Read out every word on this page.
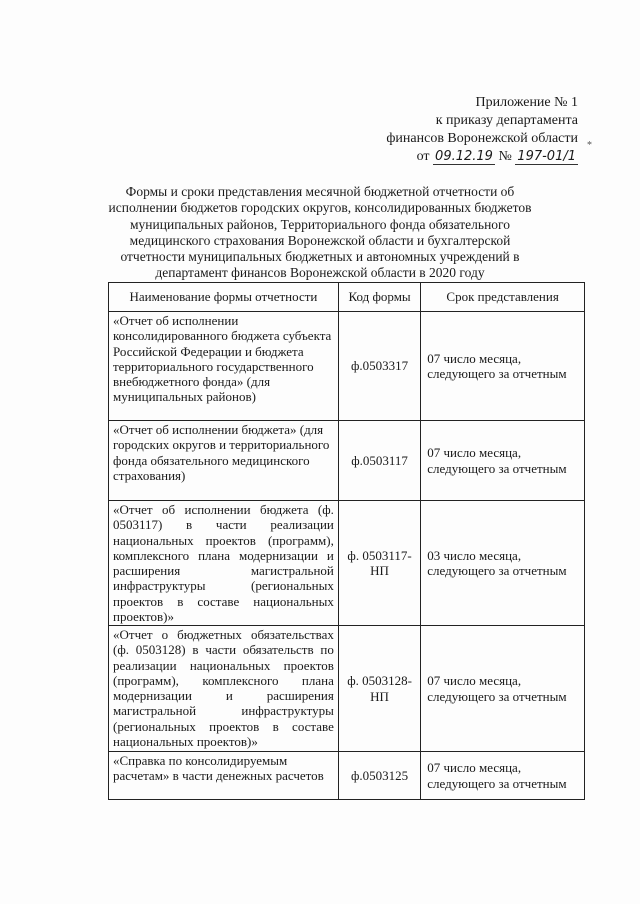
Приложение № 1
к приказу департамента
финансов Воронежской области
от 09.12.19 № 197-01/1
*
Формы и сроки представления месячной бюджетной отчетности об
исполнении бюджетов городских округов, консолидированных бюджетов
муниципальных районов, Территориального фонда обязательного
медицинского страхования Воронежской области и бухгалтерской
отчетности муниципальных бюджетных и автономных учреждений в
департамент финансов Воронежской области в 2020 году
Наименование формы отчетности	Код формы	Срок представления
«Отчет об исполнении консолидированного бюджета субъекта Российской Федерации и бюджета территориального государственного внебюджетного фонда» (для муниципальных районов)	ф.0503317	07 число месяца, следующего за отчетным
«Отчет об исполнении бюджета» (для городских округов и территориального фонда обязательного медицинского страхования)	ф.0503117	07 число месяца, следующего за отчетным
«Отчет об исполнении бюджета (ф. 0503117) в части реализации национальных проектов (программ), комплексного плана модернизации и расширения магистральной инфраструктуры (региональных проектов в составе национальных проектов)»	ф. 0503117-НП	03 число месяца, следующего за отчетным
«Отчет о бюджетных обязательствах (ф. 0503128) в части обязательств по реализации национальных проектов (программ), комплексного плана модернизации и расширения магистральной инфраструктуры (региональных проектов в составе национальных проектов)»	ф. 0503128-НП	07 число месяца, следующего за отчетным
«Справка по консолидируемым расчетам» в части денежных расчетов	ф.0503125	07 число месяца, следующего за отчетным
